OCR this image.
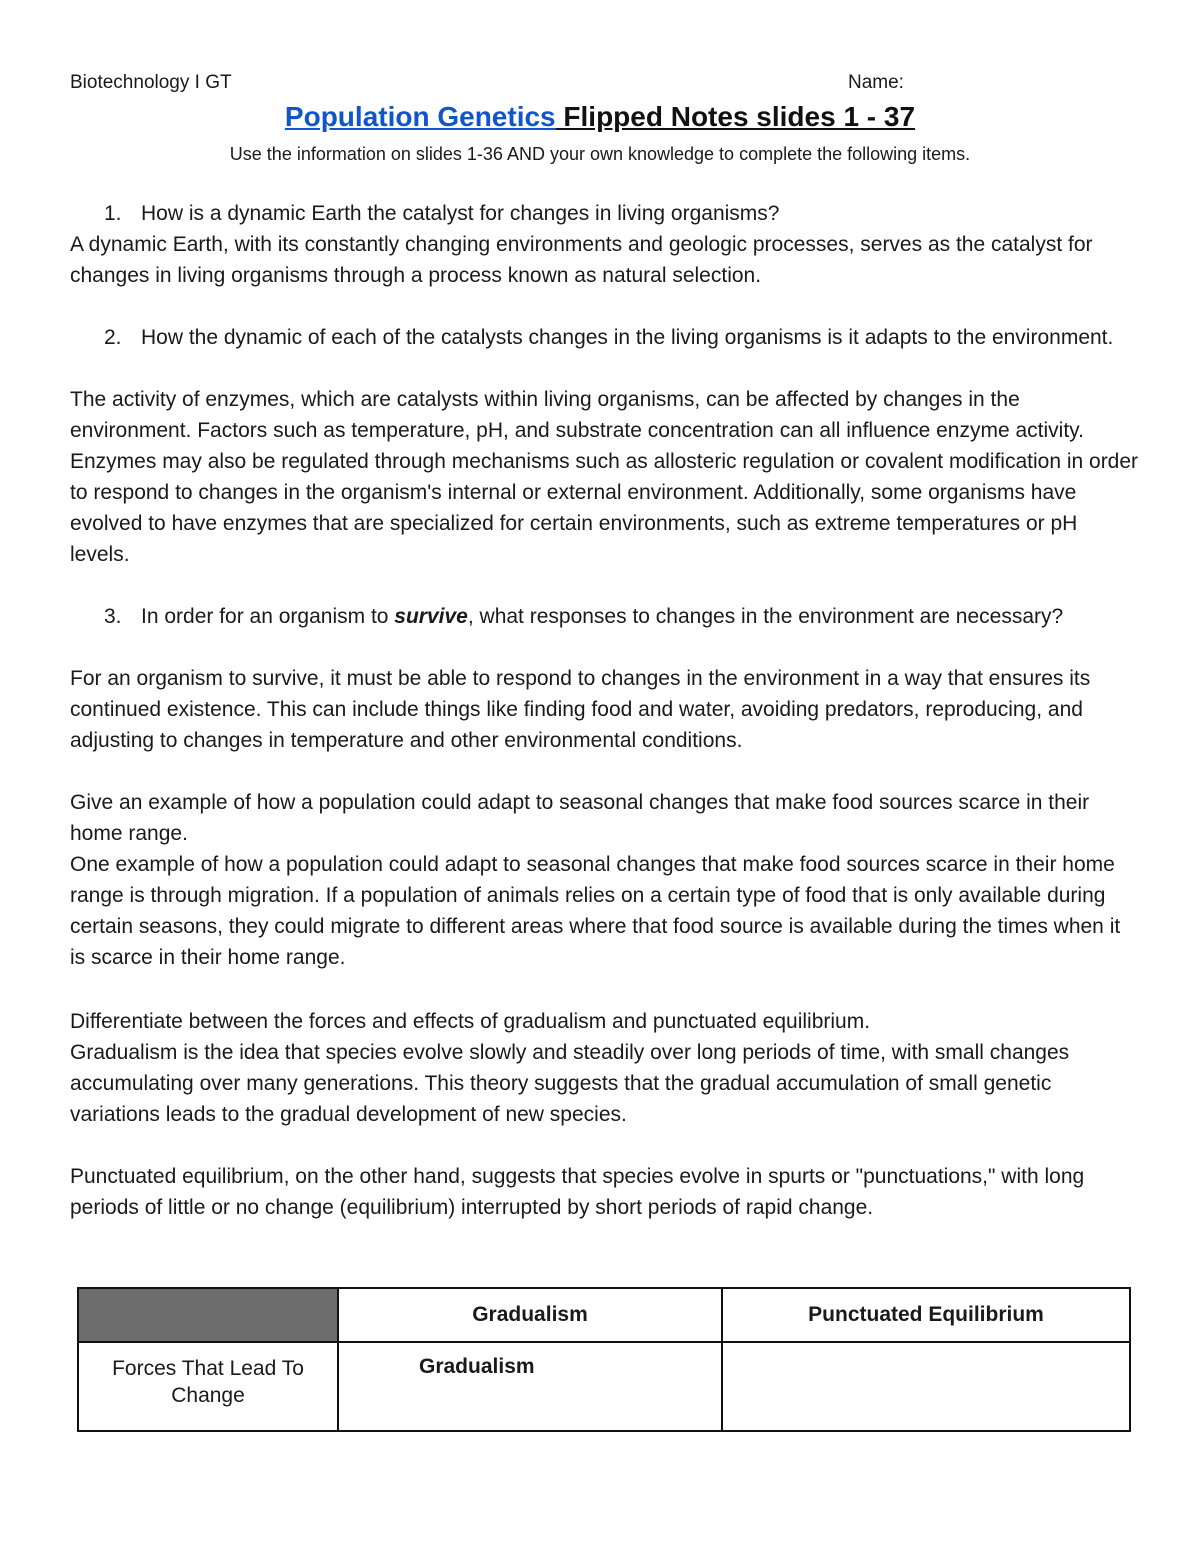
Biotechnology I GT	Name:
Population Genetics Flipped Notes slides 1 - 37
Use the information on slides 1-36 AND your own knowledge to complete the following items.
1. How is a dynamic Earth the catalyst for changes in living organisms?
A dynamic Earth, with its constantly changing environments and geologic processes, serves as the catalyst for changes in living organisms through a process known as natural selection.
2. How the dynamic of each of the catalysts changes in the living organisms is it adapts to the environment.
The activity of enzymes, which are catalysts within living organisms, can be affected by changes in the environment. Factors such as temperature, pH, and substrate concentration can all influence enzyme activity. Enzymes may also be regulated through mechanisms such as allosteric regulation or covalent modification in order to respond to changes in the organism's internal or external environment. Additionally, some organisms have evolved to have enzymes that are specialized for certain environments, such as extreme temperatures or pH levels.
3. In order for an organism to survive, what responses to changes in the environment are necessary?
For an organism to survive, it must be able to respond to changes in the environment in a way that ensures its continued existence. This can include things like finding food and water, avoiding predators, reproducing, and adjusting to changes in temperature and other environmental conditions.
Give an example of how a population could adapt to seasonal changes that make food sources scarce in their home range.
One example of how a population could adapt to seasonal changes that make food sources scarce in their home range is through migration. If a population of animals relies on a certain type of food that is only available during certain seasons, they could migrate to different areas where that food source is available during the times when it is scarce in their home range.
Differentiate between the forces and effects of gradualism and punctuated equilibrium.
Gradualism is the idea that species evolve slowly and steadily over long periods of time, with small changes accumulating over many generations. This theory suggests that the gradual accumulation of small genetic variations leads to the gradual development of new species.
Punctuated equilibrium, on the other hand, suggests that species evolve in spurts or "punctuations," with long periods of little or no change (equilibrium) interrupted by short periods of rapid change.
	Gradualism	Punctuated Equilibrium
Forces That Lead To Change	Gradualism	
